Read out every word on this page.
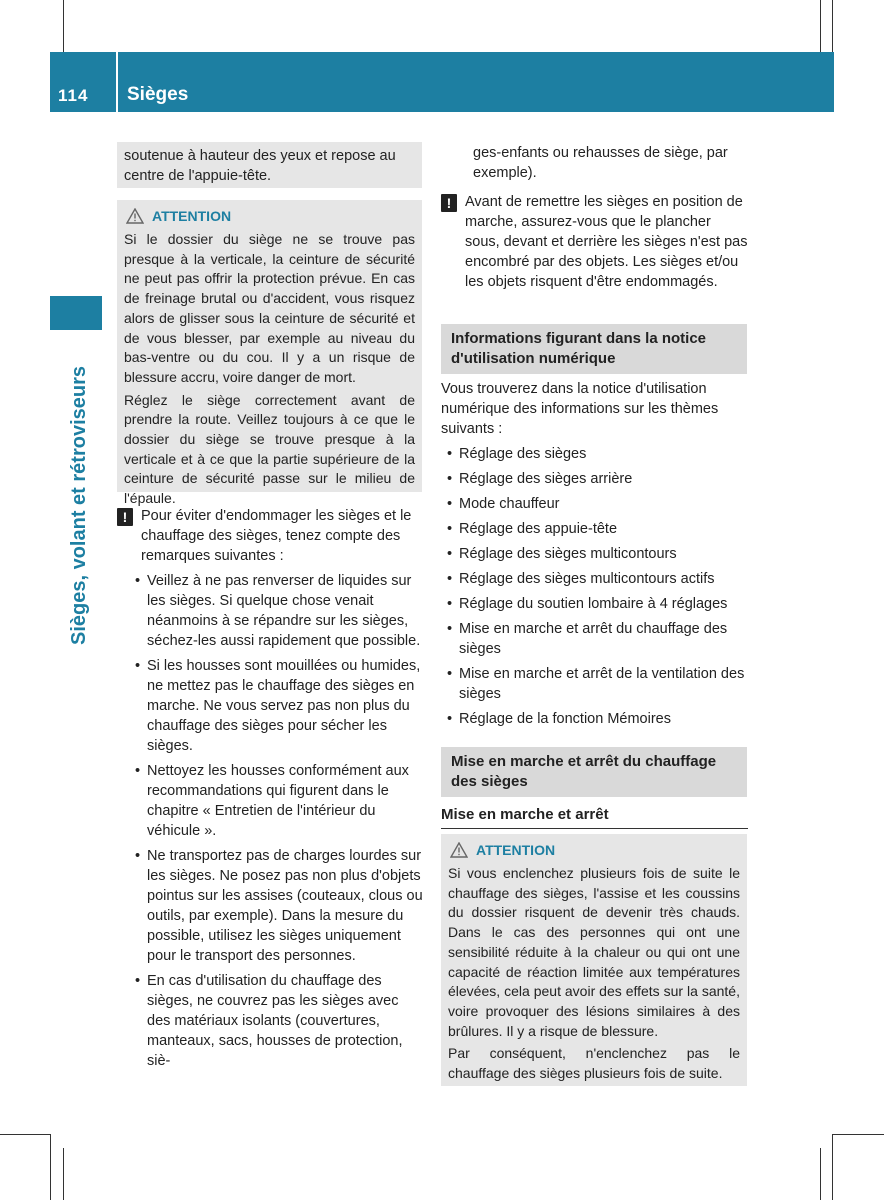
114 Sièges
Sièges, volant et rétroviseurs

soutenue à hauteur des yeux et repose au centre de l'appuie-tête.

ATTENTION

Si le dossier du siège ne se trouve pas presque à la verticale, la ceinture de sécurité ne peut pas offrir la protection prévue. En cas de freinage brutal ou d'accident, vous risquez alors de glisser sous la ceinture de sécurité et de vous blesser, par exemple au niveau du bas-ventre ou du cou. Il y a un risque de blessure accru, voire danger de mort.

Réglez le siège correctement avant de prendre la route. Veillez toujours à ce que le dossier du siège se trouve presque à la verticale et à ce que la partie supérieure de la ceinture de sécurité passe sur le milieu de l'épaule.

! Pour éviter d'endommager les sièges et le chauffage des sièges, tenez compte des remarques suivantes :
• Veillez à ne pas renverser de liquides sur les sièges. Si quelque chose venait néanmoins à se répandre sur les sièges, séchez-les aussi rapidement que possible.
• Si les housses sont mouillées ou humides, ne mettez pas le chauffage des sièges en marche. Ne vous servez pas non plus du chauffage des sièges pour sécher les sièges.
• Nettoyez les housses conformément aux recommandations qui figurent dans le chapitre « Entretien de l'intérieur du véhicule ».
• Ne transportez pas de charges lourdes sur les sièges. Ne posez pas non plus d'objets pointus sur les assises (couteaux, clous ou outils, par exemple). Dans la mesure du possible, utilisez les sièges uniquement pour le transport des personnes.
• En cas d'utilisation du chauffage des sièges, ne couvrez pas les sièges avec des matériaux isolants (couvertures, manteaux, sacs, housses de protection, siè-

ges-enfants ou rehausses de siège, par exemple).

! Avant de remettre les sièges en position de marche, assurez-vous que le plancher sous, devant et derrière les sièges n'est pas encombré par des objets. Les sièges et/ou les objets risquent d'être endommagés.
Informations figurant dans la notice d'utilisation numérique

Vous trouverez dans la notice d'utilisation numérique des informations sur les thèmes suivants :

• Réglage des sièges
• Réglage des sièges arrière
• Mode chauffeur
• Réglage des appuie-tête
• Réglage des sièges multicontours
• Réglage des sièges multicontours actifs
• Réglage du soutien lombaire à 4 réglages
• Mise en marche et arrêt du chauffage des sièges
• Mise en marche et arrêt de la ventilation des sièges
• Réglage de la fonction Mémoires
Mise en marche et arrêt du chauffage des sièges
Mise en marche et arrêt
ATTENTION

Si vous enclenchez plusieurs fois de suite le chauffage des sièges, l'assise et les coussins du dossier risquent de devenir très chauds. Dans le cas des personnes qui ont une sensibilité réduite à la chaleur ou qui ont une capacité de réaction limitée aux températures élevées, cela peut avoir des effets sur la santé, voire provoquer des lésions similaires à des brûlures. Il y a risque de blessure.

Par conséquent, n'enclenchez pas le chauffage des sièges plusieurs fois de suite.
